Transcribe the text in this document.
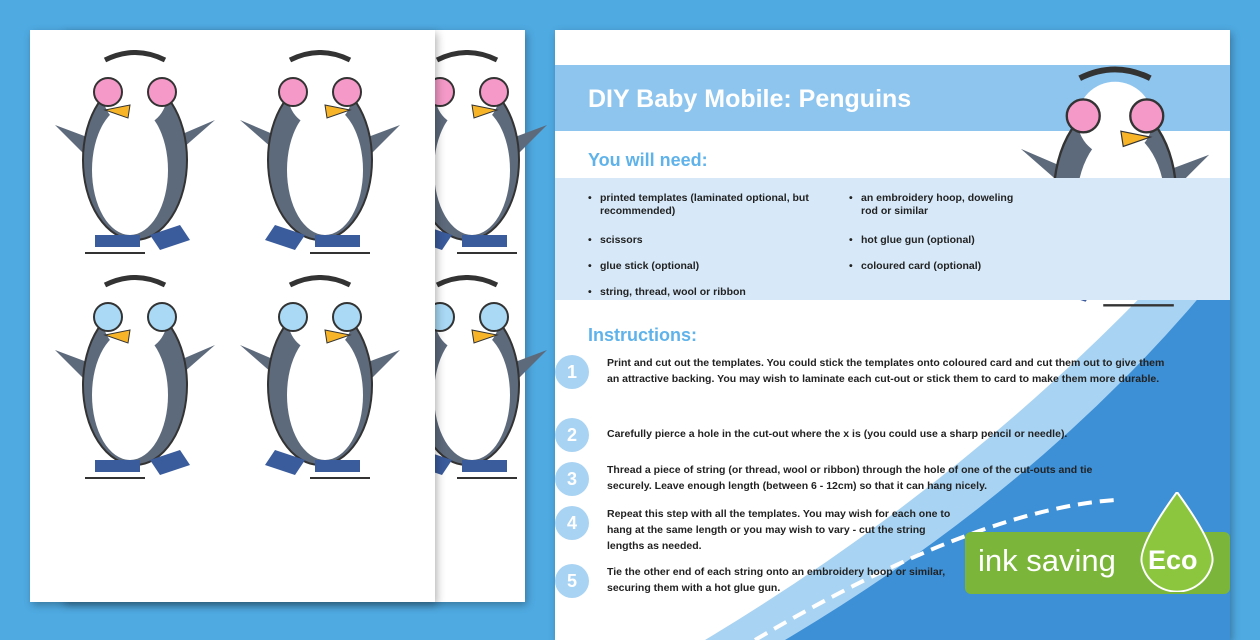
DIY Baby Mobile: Penguins
You will need:
• printed templates (laminated optional, but recommended)
• scissors
• glue stick (optional)
• string, thread, wool or ribbon
• an embroidery hoop, doweling rod or similar
• hot glue gun (optional)
• coloured card (optional)
Instructions:
1	Print and cut out the templates. You could stick the templates onto coloured card and cut them out to give them an attractive backing. You may wish to laminate each cut-out or stick them to card to make them more durable.
2	Carefully pierce a hole in the cut-out where the x is (you could use a sharp pencil or needle).
3	Thread a piece of string (or thread, wool or ribbon) through the hole of one of the cut-outs and tie securely. Leave enough length (between 6 - 12cm) so that it can hang nicely.
4	Repeat this step with all the templates. You may wish for each one to hang at the same length or you may wish to vary - cut the string lengths as needed.
5	Tie the other end of each string onto an embroidery hoop or similar, securing them with a hot glue gun.
ink saving Eco
